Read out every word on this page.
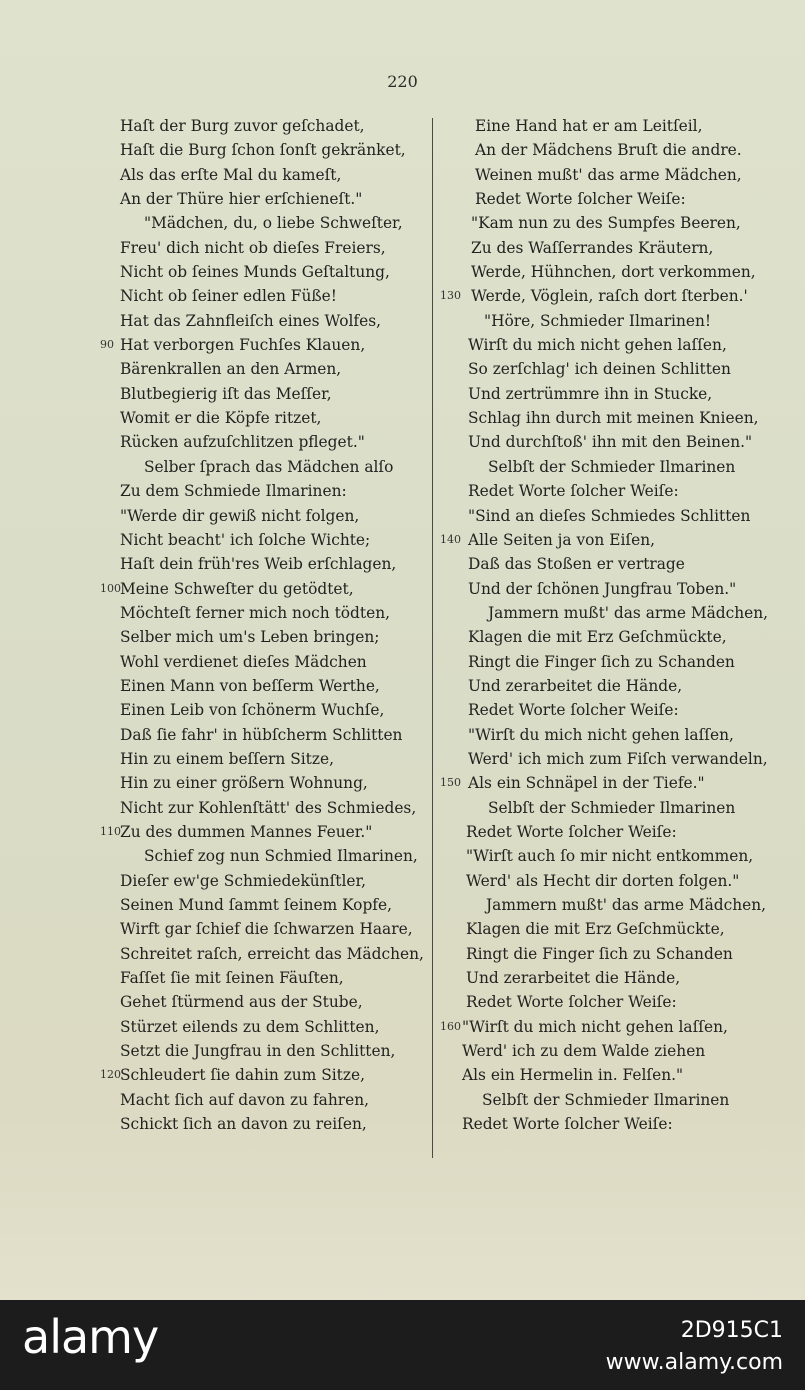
220
Haſt der Burg zuvor geſchadet,
Haſt die Burg ſchon ſonſt gekränket,
Als das erſte Mal du kameſt,
An der Thüre hier erſchieneſt."
"Mädchen, du, o liebe Schweſter,
Freu' dich nicht ob dieſes Freiers,
Nicht ob ſeines Munds Geſtaltung,
Nicht ob ſeiner edlen Füße!
Hat das Zahnfleiſch eines Wolfes,
90 Hat verborgen Fuchſes Klauen,
Bärenkrallen an den Armen,
Blutbegierig iſt das Meſſer,
Womit er die Köpfe ritzet,
Rücken aufzuſchlitzen pfleget."
Selber ſprach das Mädchen alſo
Zu dem Schmiede Ilmarinen:
"Werde dir gewiß nicht folgen,
Nicht beacht' ich ſolche Wichte;
Haſt dein früh'res Weib erſchlagen,
100 Meine Schweſter du getödtet,
Möchteſt ferner mich noch tödten,
Selber mich um's Leben bringen;
Wohl verdienet dieſes Mädchen
Einen Mann von beſſerm Werthe,
Einen Leib von ſchönerm Wuchſe,
Daß ſie fahr' in hübſcherm Schlitten
Hin zu einem beſſern Sitze,
Hin zu einer größern Wohnung,
Nicht zur Kohlenſtätt' des Schmiedes,
110 Zu des dummen Mannes Feuer."
Schief zog nun Schmied Ilmarinen,
Dieſer ew'ge Schmiedekünſtler,
Seinen Mund ſammt ſeinem Kopfe,
Wirft gar ſchief die ſchwarzen Haare,
Schreitet raſch, erreicht das Mädchen,
Faſſet ſie mit ſeinen Fäuſten,
Gehet ſtürmend aus der Stube,
Stürzet eilends zu dem Schlitten,
Setzt die Jungfrau in den Schlitten,
120 Schleudert ſie dahin zum Sitze,
Macht ſich auf davon zu fahren,
Schickt ſich an davon zu reiſen,
Eine Hand hat er am Leitſeil,
An der Mädchens Bruſt die andre.
Weinen mußt' das arme Mädchen,
Redet Worte ſolcher Weiſe:
"Kam nun zu des Sumpfes Beeren,
Zu des Waſſerrandes Kräutern,
Werde, Hühnchen, dort verkommen,
130 Werde, Vöglein, raſch dort ſterben.'
"Höre, Schmieder Ilmarinen!
Wirſt du mich nicht gehen laſſen,
So zerſchlag' ich deinen Schlitten
Und zertrümmre ihn in Stucke,
Schlag ihn durch mit meinen Knieen,
Und durchſtoß' ihn mit den Beinen."
Selbſt der Schmieder Ilmarinen
Redet Worte ſolcher Weiſe:
"Sind an dieſes Schmiedes Schlitten
140 Alle Seiten ja von Eiſen,
Daß das Stoßen er vertrage
Und der ſchönen Jungfrau Toben."
Jammern mußt' das arme Mädchen,
Klagen die mit Erz Geſchmückte,
Ringt die Finger ſich zu Schanden
Und zerarbeitet die Hände,
Redet Worte ſolcher Weiſe:
"Wirſt du mich nicht gehen laſſen,
Werd' ich mich zum Fiſch verwandeln,
150 Als ein Schnäpel in der Tiefe."
Selbſt der Schmieder Ilmarinen
Redet Worte ſolcher Weiſe:
"Wirſt auch ſo mir nicht entkommen,
Werd' als Hecht dir dorten folgen."
Jammern mußt' das arme Mädchen,
Klagen die mit Erz Geſchmückte,
Ringt die Finger ſich zu Schanden
Und zerarbeitet die Hände,
Redet Worte ſolcher Weiſe:
160 "Wirſt du mich nicht gehen laſſen,
Werd' ich zu dem Walde ziehen
Als ein Hermelin in. Felſen."
Selbſt der Schmieder Ilmarinen
Redet Worte ſolcher Weiſe:
alamy	2D915C1
www.alamy.com
